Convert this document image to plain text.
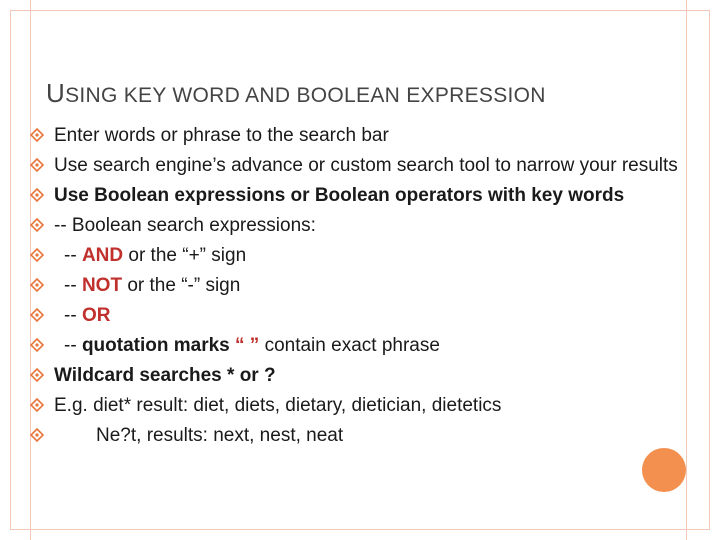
USING KEY WORD AND BOOLEAN EXPRESSION
Enter words or phrase to the search bar
Use search engine’s advance or custom search tool to narrow your results
Use Boolean expressions or Boolean operators with key words
-- Boolean search expressions:
-- AND or the “+” sign
-- NOT or the “-” sign
-- OR
-- quotation marks “ ” contain exact phrase
Wildcard searches * or ?
E.g. diet* result: diet, diets, dietary, dietician, dietetics
Ne?t, results: next, nest, neat
